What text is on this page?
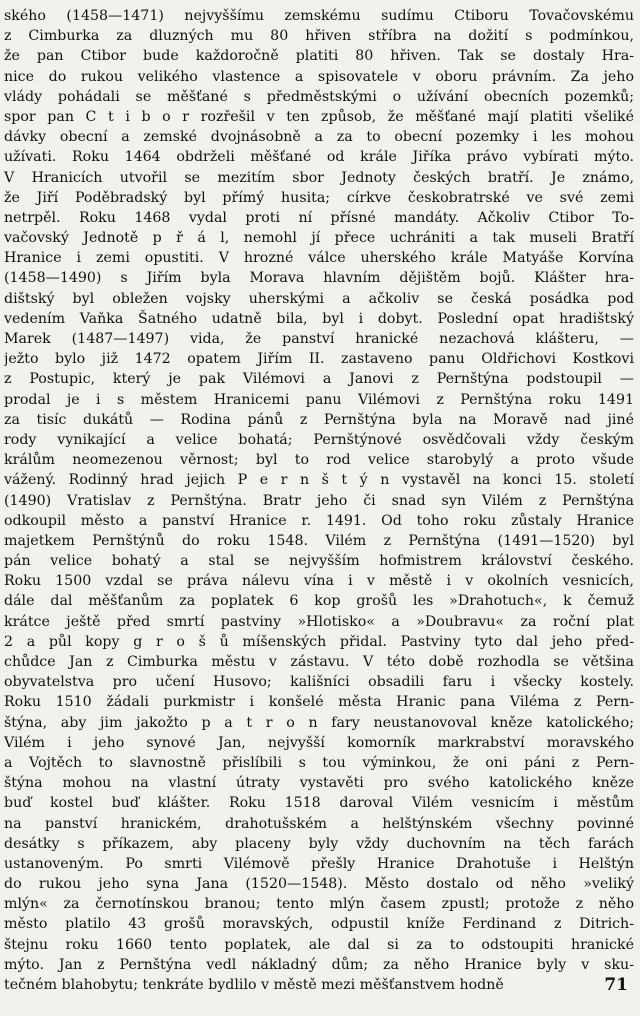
ského (1458—1471) nejvyššímu zemskému sudímu Ctiboru Tovačovskému
z Cimburka za dluzných mu 80 hřiven stříbra na dožití s podmínkou,
že pan Ctibor bude každoročně platiti 80 hřiven. Tak se dostaly Hra-
nice do rukou velikého vlastence a spisovatele v oboru právním. Za jeho
vlády pohádali se měšťané s předměstskými o užívání obecních pozemků;
spor pan C t i b o r rozřešil v ten způsob, že měšťané mají platiti všeliké
dávky obecní a zemské dvojnásobně a za to obecní pozemky i les mohou
užívati. Roku 1464 obdrželi měšťané od krále Jiříka právo vybírati mýto.
V Hranicích utvořil se mezitím sbor Jednoty českých bratří. Je známo,
že Jiří Poděbradský byl přímý husita; církve českobratrské ve své zemi
netrpěl. Roku 1468 vydal proti ní přísné mandáty. Ačkoliv Ctibor To-
vačovský Jednotě p ř á l, nemohl jí přece uchrániti a tak museli Bratří
Hranice i zemi opustiti. V hrozné válce uherského krále Matyáše Korvína
(1458—1490) s Jiřím byla Morava hlavním dějištěm bojů. Klášter hra-
dištský byl obležen vojsky uherskými a ačkoliv se česká posádka pod
vedením Vaňka Šatného udatně bila, byl i dobyt. Poslední opat hradištský
Marek (1487—1497) vida, že panství hranické nezachová klášteru, —
ježto bylo již 1472 opatem Jiřím II. zastaveno panu Oldřichovi Kostkovi
z Postupic, který je pak Vilémovi a Janovi z Pernštýna podstoupil —
prodal je i s městem Hranicemi panu Vilémovi z Pernštýna roku 1491
za tisíc dukátů — Rodina pánů z Pernštýna byla na Moravě nad jiné
rody vynikající a velice bohatá; Pernštýnové osvědčovali vždy českým
králům neomezenou věrnost; byl to rod velice starobylý a proto všude
vážený. Rodinný hrad jejich P e r n š t ý n vystavěl na konci 15. století
(1490) Vratislav z Pernštýna. Bratr jeho či snad syn Vilém z Pernštýna
odkoupil město a panství Hranice r. 1491. Od toho roku zůstaly Hranice
majetkem Pernštýnů do roku 1548. Vilém z Pernštýna (1491—1520) byl
pán velice bohatý a stal se nejvyšším hofmistrem království českého.
Roku 1500 vzdal se práva nálevu vína i v městě i v okolních vesnicích,
dále dal měšťanům za poplatek 6 kop grošů les »Drahotuch«, k čemuž
krátce ještě před smrtí pastviny »Hlotisko« a »Doubravu« za roční plat
2 a půl kopy g r o š ů míšenských přidal. Pastviny tyto dal jeho před-
chůdce Jan z Cimburka městu v zástavu. V této době rozhodla se většina
obyvatelstva pro učení Husovo; kališníci obsadili faru i všecky kostely.
Roku 1510 žádali purkmistr i konšelé města Hranic pana Viléma z Pern-
štýna, aby jim jakožto p a t r o n fary neustanovoval kněze katolického;
Vilém i jeho synové Jan, nejvyšší komorník markrabství moravského
a Vojtěch to slavnostně přislíbili s tou výminkou, že oni páni z Pern-
štýna mohou na vlastní útraty vystavěti pro svého katolického kněze
buď kostel buď klášter. Roku 1518 daroval Vilém vesnicím i městům
na panství hranickém, drahotušském a helštýnském všechny povinné
desátky s příkazem, aby placeny byly vždy duchovním na těch farách
ustanoveným. Po smrti Vilémově přešly Hranice Drahotuše i Helštýn
do rukou jeho syna Jana (1520—1548). Město dostalo od něho »veliký
mlýn« za černotínskou branou; tento mlýn časem zpustl; protože z něho
město platilo 43 grošů moravských, odpustil kníže Ferdinand z Ditrich-
štejnu roku 1660 tento poplatek, ale dal si za to odstoupiti hranické
mýto. Jan z Pernštýna vedl nákladný dům; za něho Hranice byly v sku-
tečném blahobytu; tenkráte bydlilo v městě mezi měšťanstvem hodně	71
